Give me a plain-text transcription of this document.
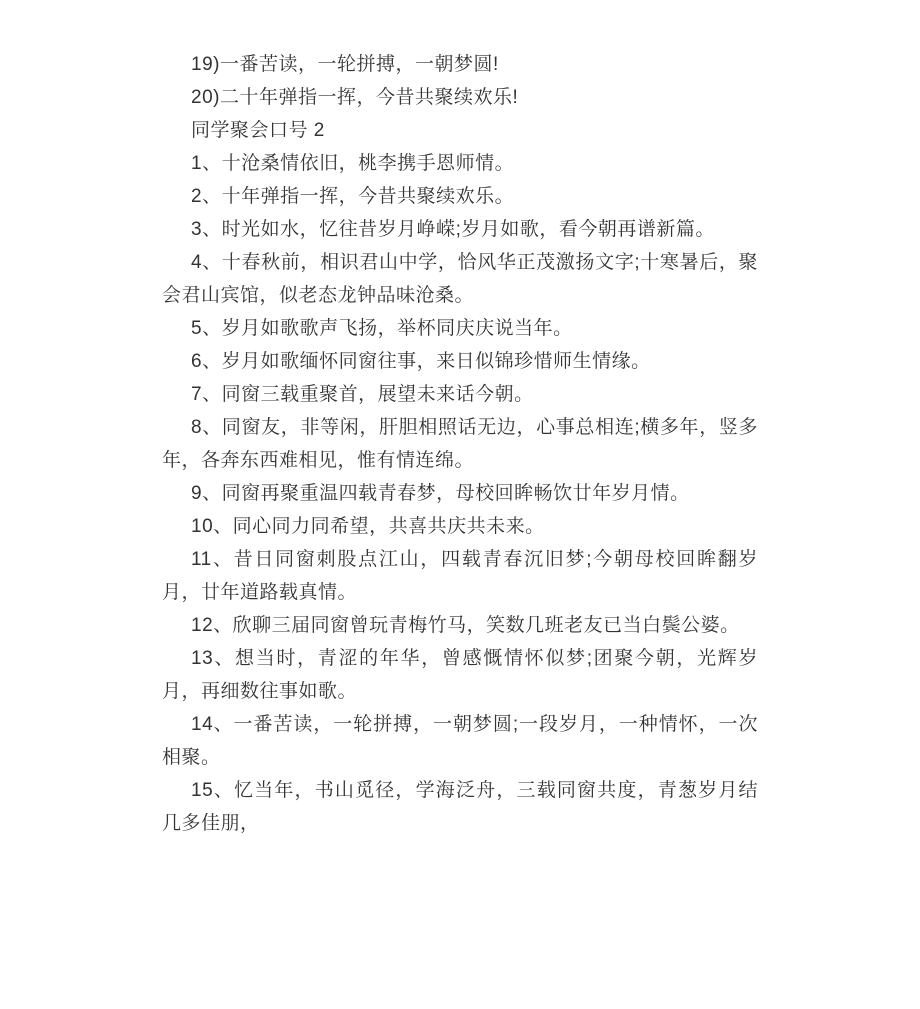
19)一番苦读，一轮拼搏，一朝梦圆!

20)二十年弹指一挥，今昔共聚续欢乐!

同学聚会口号 2

1、十沧桑情依旧，桃李携手恩师情。

2、十年弹指一挥，今昔共聚续欢乐。

3、时光如水，忆往昔岁月峥嵘;岁月如歌，看今朝再谱新篇。

4、十春秋前，相识君山中学，恰风华正茂激扬文字;十寒暑后，聚会君山宾馆，似老态龙钟品味沧桑。

5、岁月如歌歌声飞扬，举杯同庆庆说当年。

6、岁月如歌缅怀同窗往事，来日似锦珍惜师生情缘。

7、同窗三载重聚首，展望未来话今朝。

8、同窗友，非等闲，肝胆相照话无边，心事总相连;横多年，竖多年，各奔东西难相见，惟有情连绵。

9、同窗再聚重温四载青春梦，母校回眸畅饮廿年岁月情。

10、同心同力同希望，共喜共庆共未来。

11、昔日同窗刺股点江山，四载青春沉旧梦;今朝母校回眸翻岁月，廿年道路载真情。

12、欣聊三届同窗曾玩青梅竹马，笑数几班老友已当白鬓公婆。

13、想当时，青涩的年华，曾感慨情怀似梦;团聚今朝，光辉岁月，再细数往事如歌。

14、一番苦读，一轮拼搏，一朝梦圆;一段岁月，一种情怀，一次相聚。

15、忆当年，书山觅径，学海泛舟，三载同窗共度，青葱岁月结几多佳朋，
